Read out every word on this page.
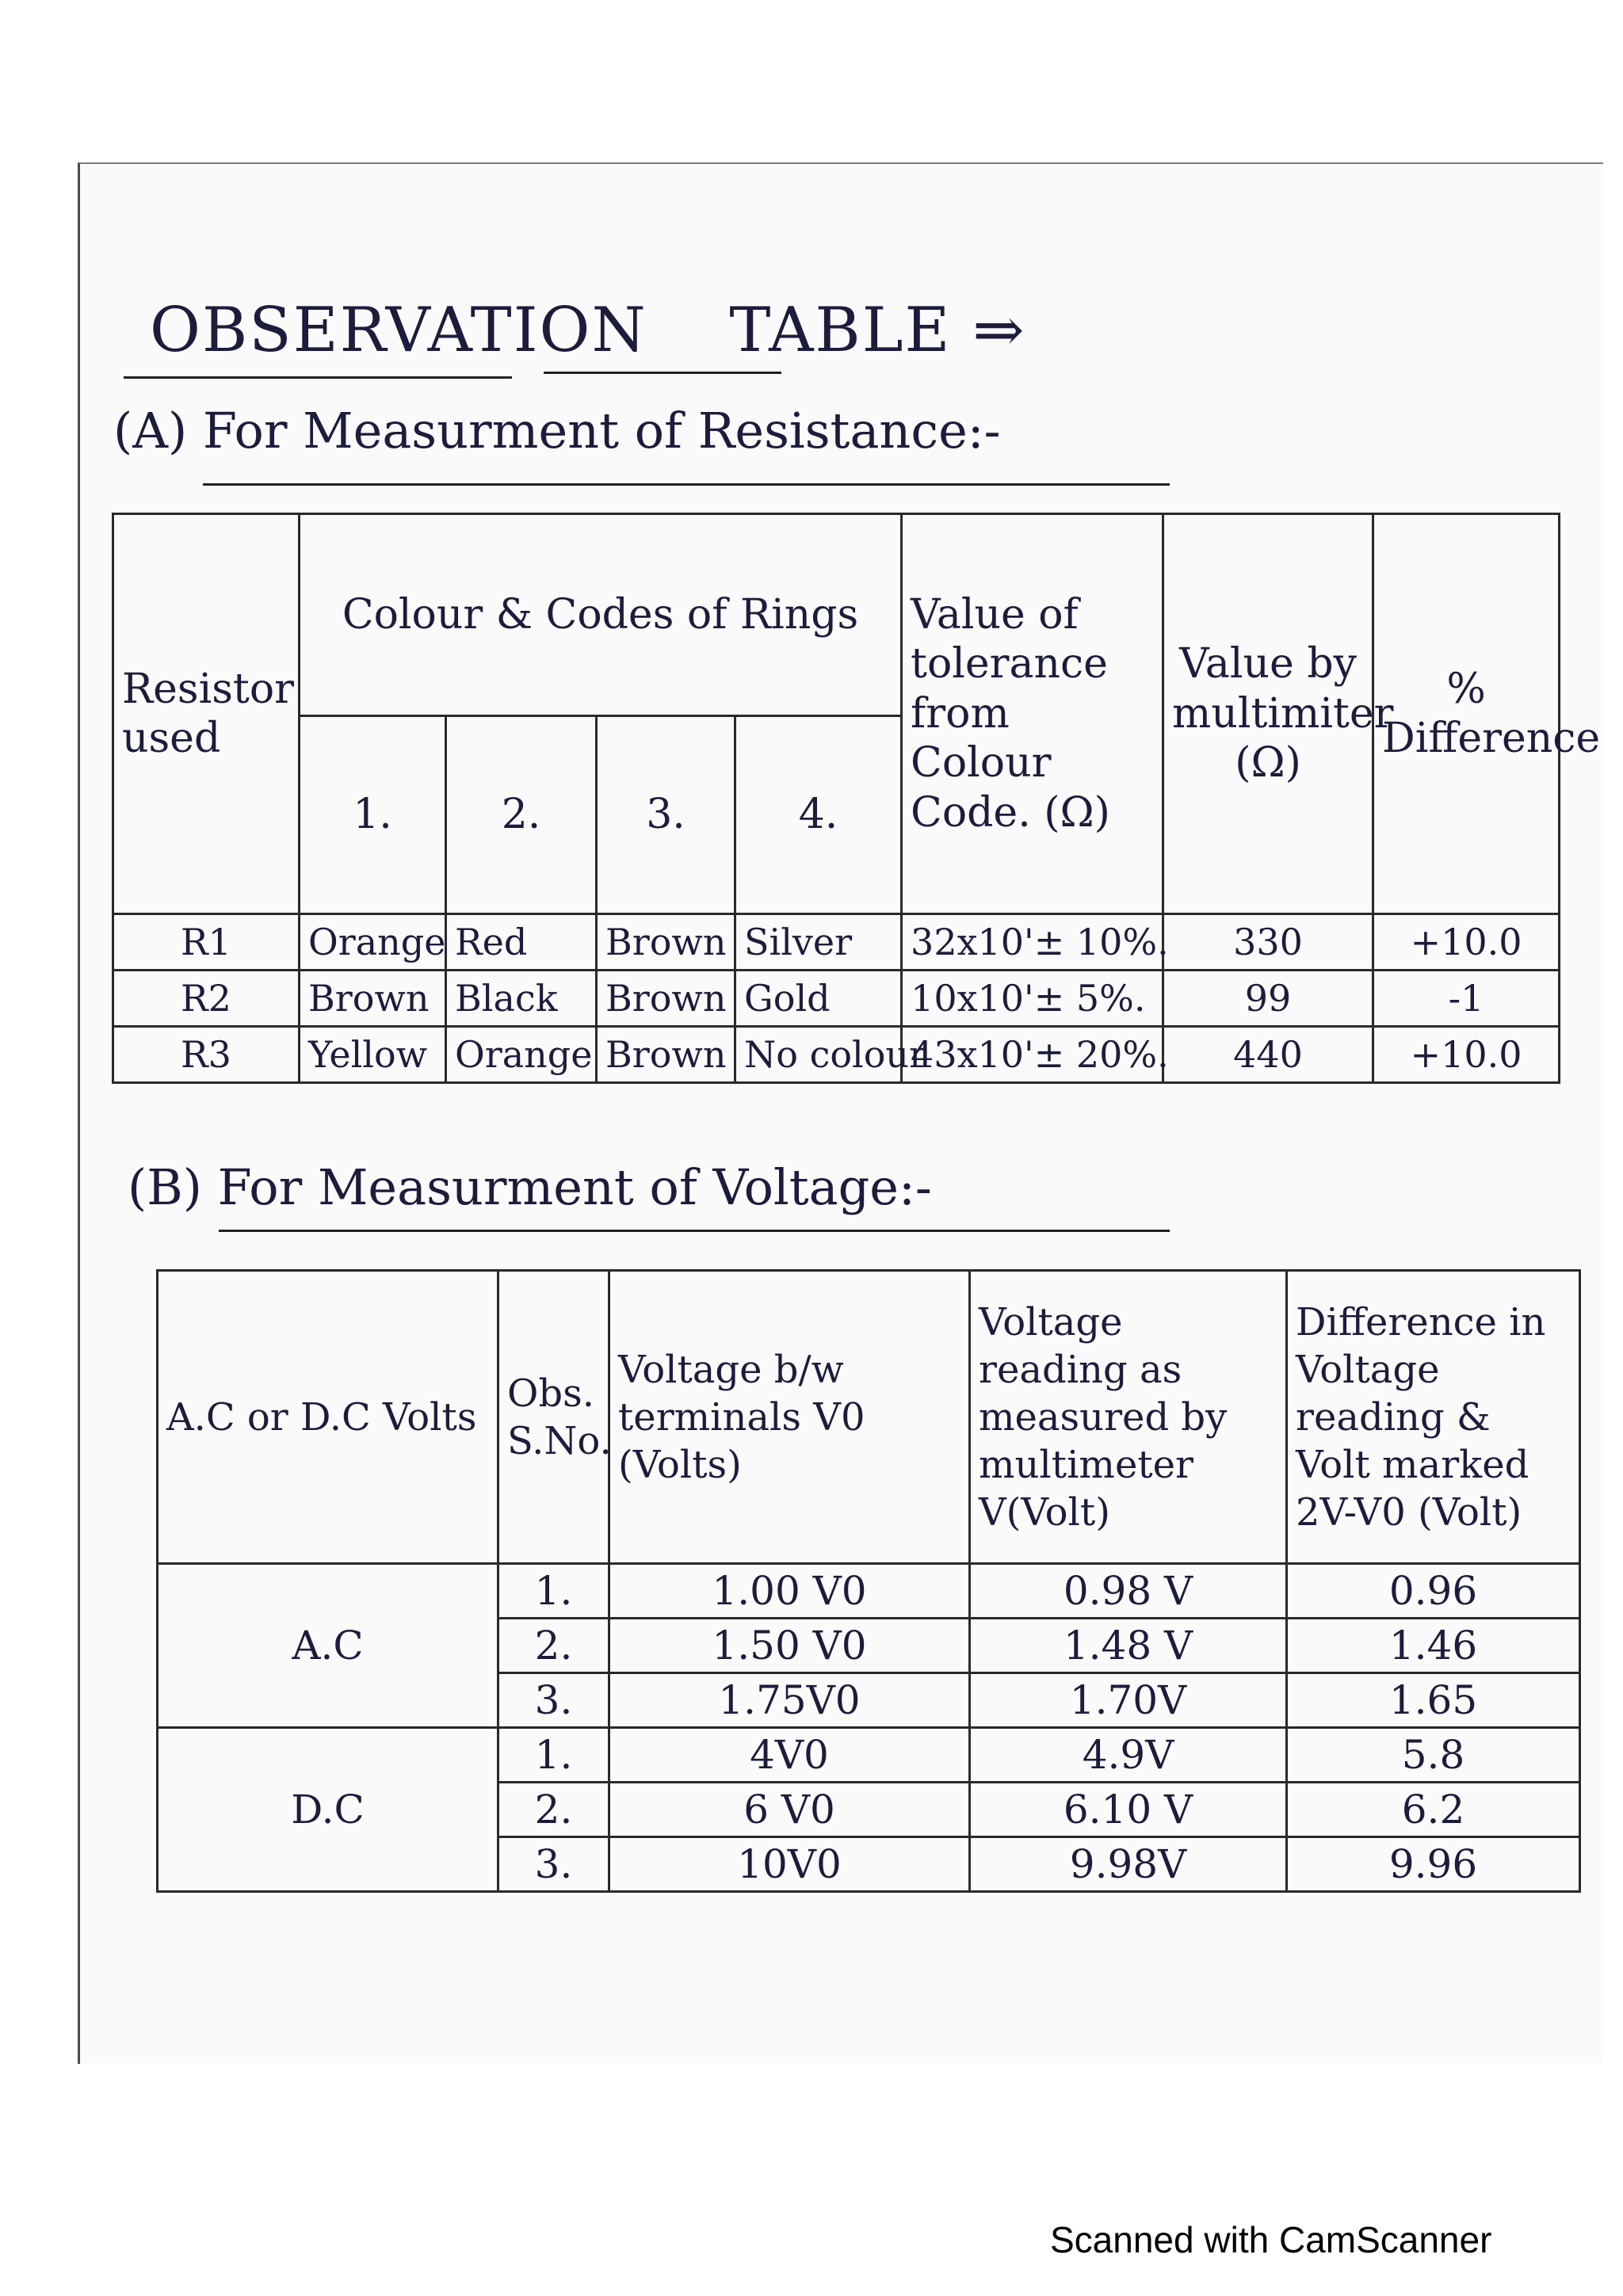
OBSERVATION TABLE ⇒
(A) For Measurment of Resistance:-
Resistor used	Colour & Codes of Rings				Value of tolerance from Colour Code. (Ω)	Value by multimiter (Ω)	% Difference
	1.	2.	3.	4.			
R1	Orange	Red	Brown	Silver	32x10'± 10%.	330	+10.0
R2	Brown	Black	Brown	Gold	10x10'± 5%.	99	-1
R3	Yellow	Orange	Brown	No colour	43x10'± 20%.	440	+10.0
(B) For Measurment of Voltage:-
A.C or D.C Volts	Obs. S.No.	Voltage b/w terminals V0 (Volts)	Voltage reading as measured by multimeter V(Volt)	Difference in Voltage reading & Volt marked 2V-V0 (Volt)
A.C	1.	1.00 V0	0.98 V	0.96
	2.	1.50 V0	1.48 V	1.46
	3.	1.75V0	1.70V	1.65
D.C	1.	4V0	4.9V	5.8
	2.	6 V0	6.10 V	6.2
	3.	10V0	9.98V	9.96
Scanned with CamScanner
